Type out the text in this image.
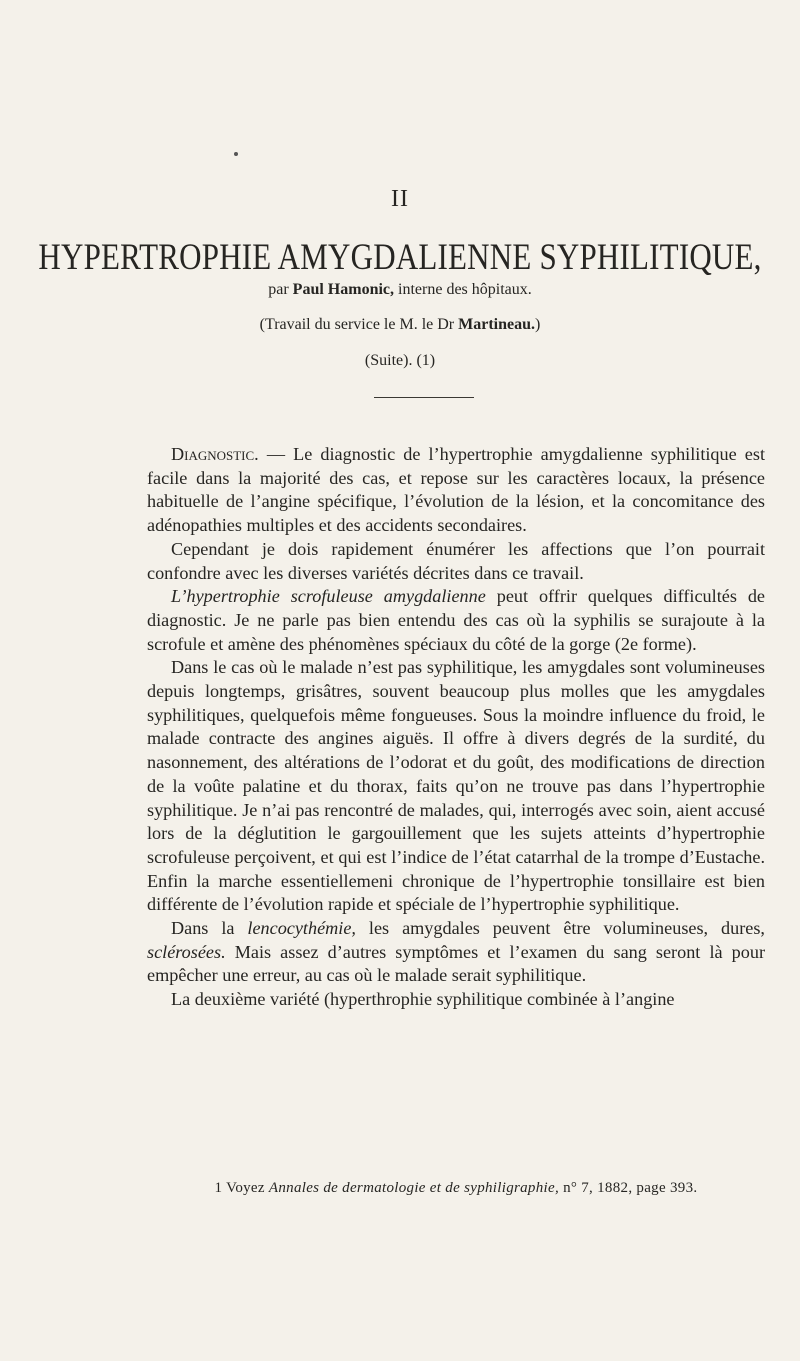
II
HYPERTROPHIE AMYGDALIENNE SYPHILITIQUE,
par Paul Hamonic, interne des hôpitaux.
(Travail du service le M. le Dr Martineau.)
(Suite). (1)

Diagnostic. — Le diagnostic de l’hypertrophie amygdalienne syphilitique est facile dans la majorité des cas, et repose sur les caractères locaux, la présence habituelle de l’angine spécifique, l’évolution de la lésion, et la concomitance des adénopathies multiples et des accidents secondaires.

Cependant je dois rapidement énumérer les affections que l’on pourrait confondre avec les diverses variétés décrites dans ce travail.

L’hypertrophie scrofuleuse amygdalienne peut offrir quelques difficultés de diagnostic. Je ne parle pas bien entendu des cas où la syphilis se surajoute à la scrofule et amène des phénomènes spéciaux du côté de la gorge (2e forme).

Dans le cas où le malade n’est pas syphilitique, les amygdales sont volumineuses depuis longtemps, grisâtres, souvent beaucoup plus molles que les amygdales syphilitiques, quelquefois même fongueuses. Sous la moindre influence du froid, le malade contracte des angines aiguës. Il offre à divers degrés de la surdité, du nasonnement, des altérations de l’odorat et du goût, des modifications de direction de la voûte palatine et du thorax, faits qu’on ne trouve pas dans l’hypertrophie syphilitique. Je n’ai pas rencontré de malades, qui, interrogés avec soin, aient accusé lors de la déglutition le gargouillement que les sujets atteints d’hypertrophie scrofuleuse perçoivent, et qui est l’indice de l’état catarrhal de la trompe d’Eustache. Enfin la marche essentiellemeni chronique de l’hypertrophie tonsillaire est bien différente de l’évolution rapide et spéciale de l’hypertrophie syphilitique.

Dans la lencocythémie, les amygdales peuvent être volumineuses, dures, sclérosées. Mais assez d’autres symptômes et l’examen du sang seront là pour empêcher une erreur, au cas où le malade serait syphilitique.

La deuxième variété (hyperthrophie syphilitique combinée à l’angine

1 Voyez Annales de dermatologie et de syphiligraphie, n° 7, 1882, page 393.
